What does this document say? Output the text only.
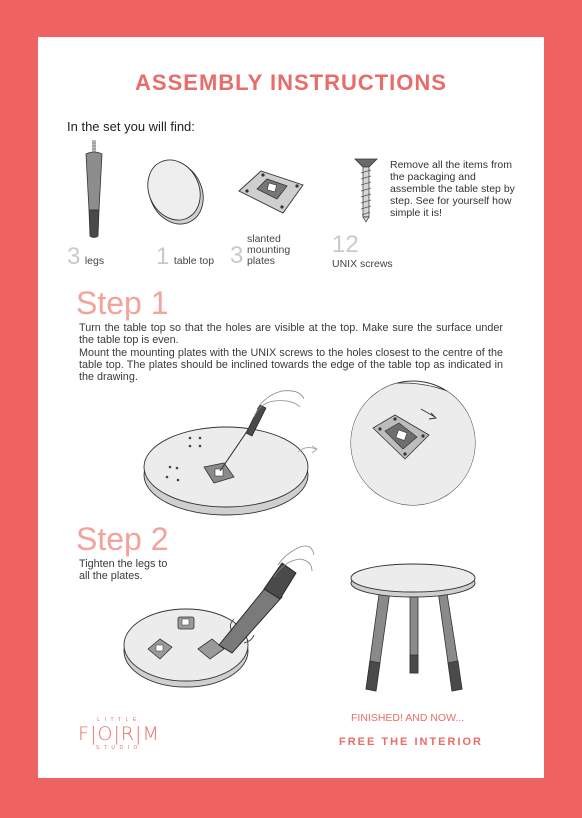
ASSEMBLY INSTRUCTIONS
In the set you will find:
3 legs 1 table top 3
slanted
mounting
plates
12
UNIX screws
Remove all the items from the packaging and assemble the table step by step. See for yourself how simple it is!
Step 1
Turn the table top so that the holes are visible at the top. Make sure the surface under the table top is even.
Mount the mounting plates with the UNIX screws to the holes closest to the centre of the table top. The plates should be inclined towards the edge of the table top as indicated in the drawing.
Step 2
Tighten the legs to
all the plates.
LITTLE
F|O|R|M
STUDIO
FINISHED! AND NOW...
FREE THE INTERIOR
